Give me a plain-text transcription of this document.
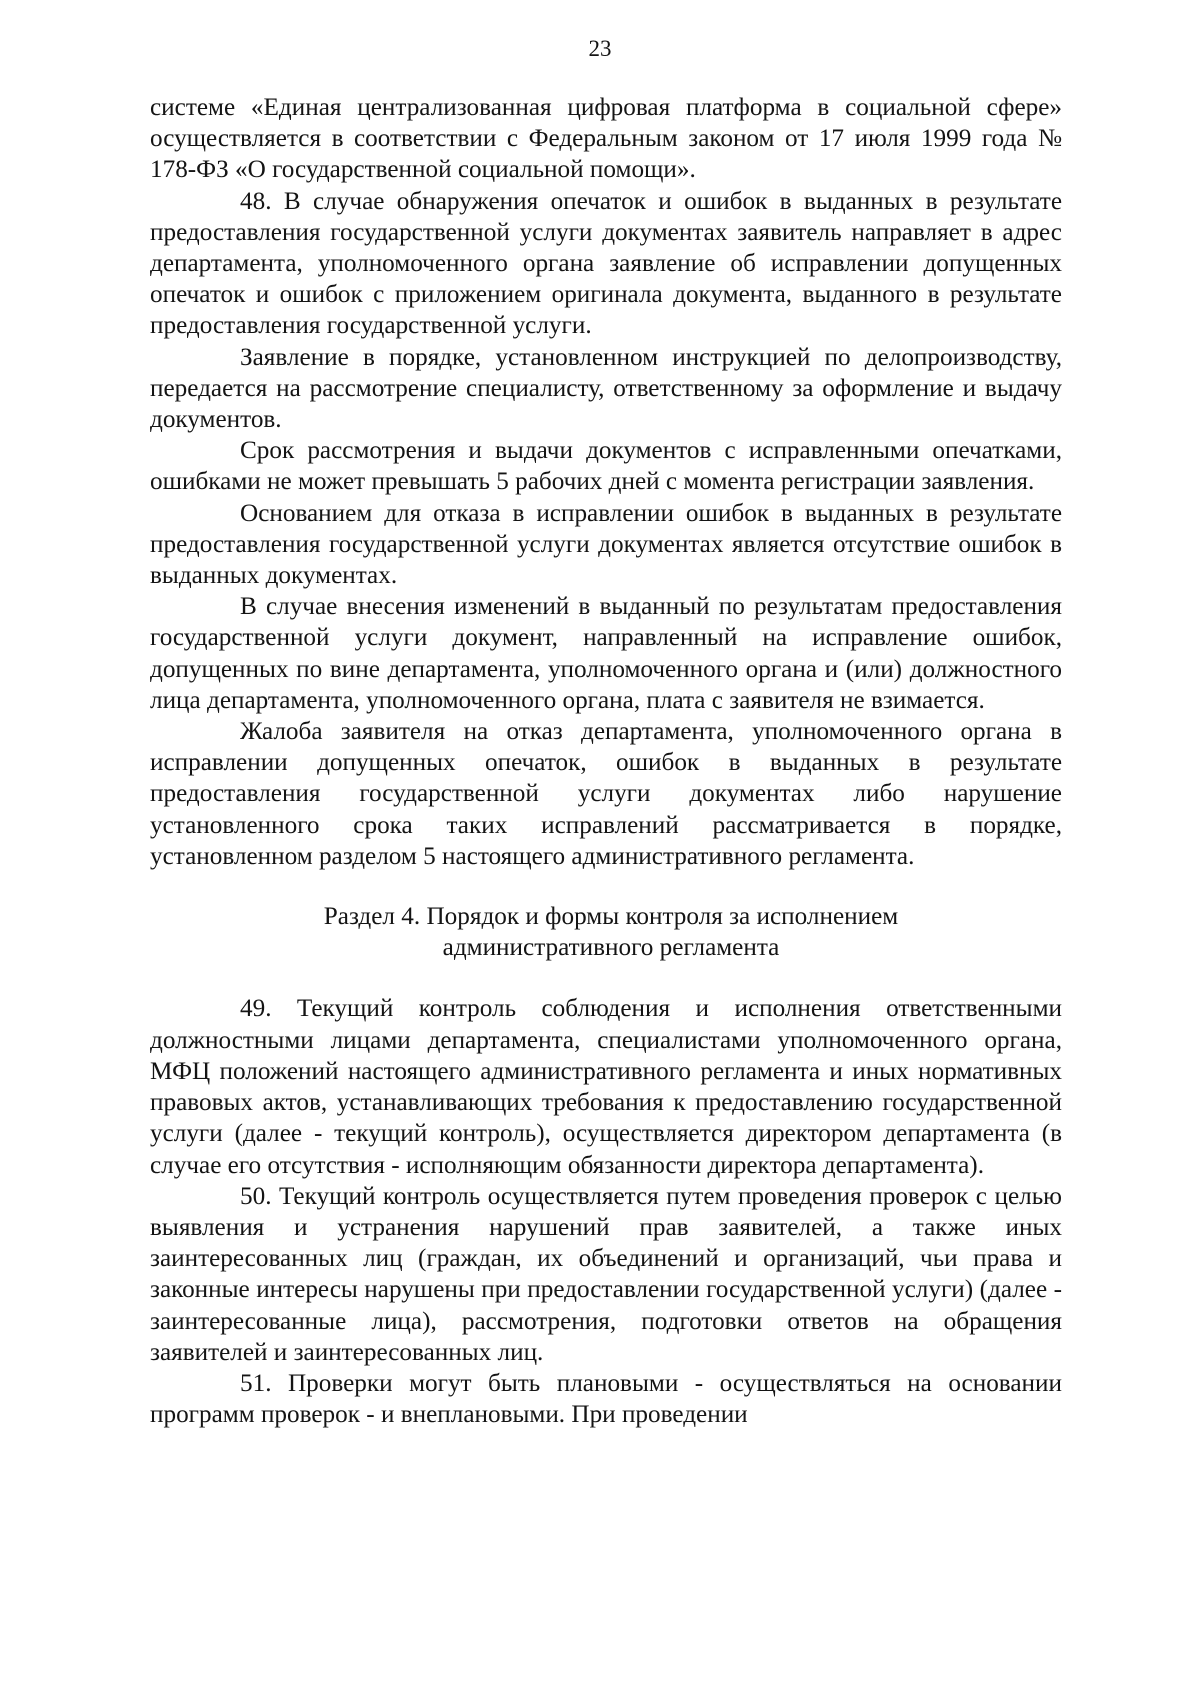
23

системе «Единая централизованная цифровая платформа в социальной сфере» осуществляется в соответствии с Федеральным законом от 17 июля 1999 года № 178-ФЗ «О государственной социальной помощи».

48. В случае обнаружения опечаток и ошибок в выданных в результате предоставления государственной услуги документах заявитель направляет в адрес департамента, уполномоченного органа заявление об исправлении допущенных опечаток и ошибок с приложением оригинала документа, выданного в результате предоставления государственной услуги.

Заявление в порядке, установленном инструкцией по делопроизводству, передается на рассмотрение специалисту, ответственному за оформление и выдачу документов.

Срок рассмотрения и выдачи документов с исправленными опечатками, ошибками не может превышать 5 рабочих дней с момента регистрации заявления.

Основанием для отказа в исправлении ошибок в выданных в результате предоставления государственной услуги документах является отсутствие ошибок в выданных документах.

В случае внесения изменений в выданный по результатам предоставления государственной услуги документ, направленный на исправление ошибок, допущенных по вине департамента, уполномоченного органа и (или) должностного лица департамента, уполномоченного органа, плата с заявителя не взимается.

Жалоба заявителя на отказ департамента, уполномоченного органа в исправлении допущенных опечаток, ошибок в выданных в результате предоставления государственной услуги документах либо нарушение установленного срока таких исправлений рассматривается в порядке, установленном разделом 5 настоящего административного регламента.

Раздел 4. Порядок и формы контроля за исполнением
административного регламента

49. Текущий контроль соблюдения и исполнения ответственными должностными лицами департамента, специалистами уполномоченного органа, МФЦ положений настоящего административного регламента и иных нормативных правовых актов, устанавливающих требования к предоставлению государственной услуги (далее - текущий контроль), осуществляется директором департамента (в случае его отсутствия - исполняющим обязанности директора департамента).

50. Текущий контроль осуществляется путем проведения проверок с целью выявления и устранения нарушений прав заявителей, а также иных заинтересованных лиц (граждан, их объединений и организаций, чьи права и законные интересы нарушены при предоставлении государственной услуги) (далее - заинтересованные лица), рассмотрения, подготовки ответов на обращения заявителей и заинтересованных лиц.

51. Проверки могут быть плановыми - осуществляться на основании программ проверок - и внеплановыми. При проведении
